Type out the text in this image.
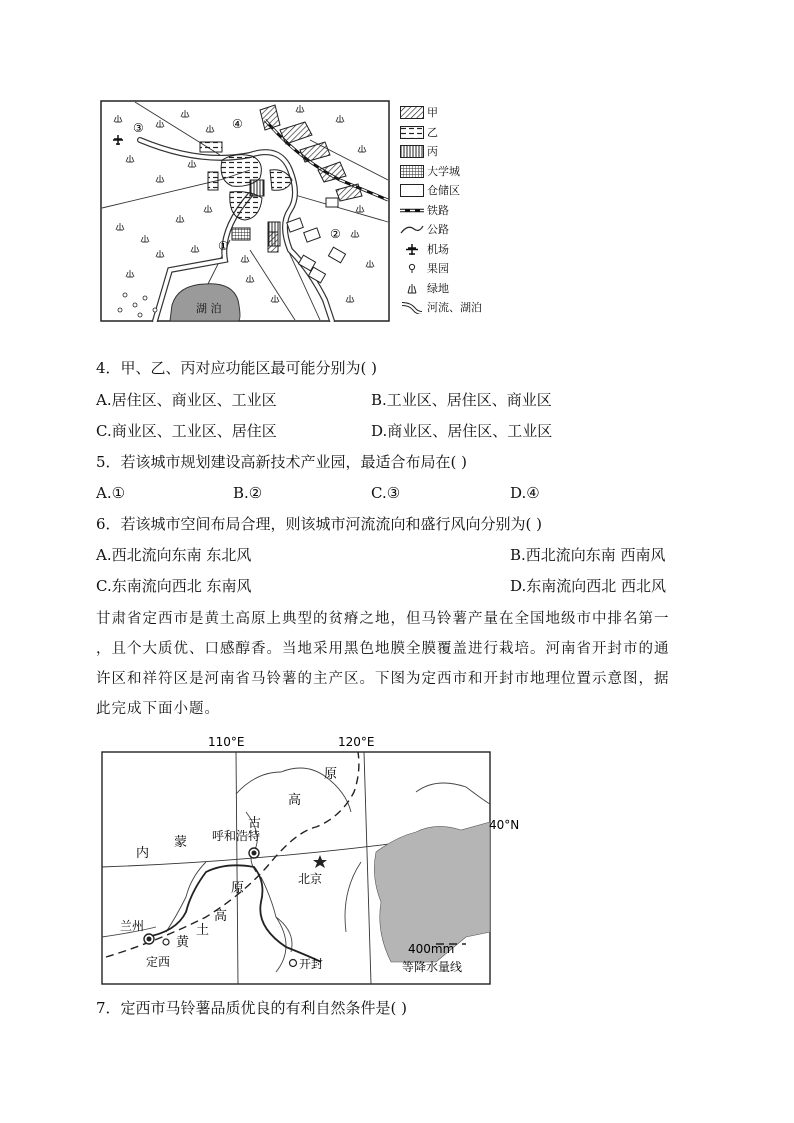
湖 泊
③	④
①
②
甲
乙
丙
大学城
仓储区
铁路
公路
机场
果园
绿地
河流、湖泊
4．甲、乙、丙对应功能区最可能分别为( )
A.居住区、商业区、工业区	B.工业区、居住区、商业区
C.商业区、工业区、居住区	D.商业区、居住区、工业区
5．若该城市规划建设高新技术产业园，最适合布局在( )
A.①	B.②	C.③	D.④
6．若该城市空间布局合理，则该城市河流流向和盛行风向分别为( )
A.西北流向东南 东北风	B.西北流向东南 西南风
C.东南流向西北 东南风	D.东南流向西北 西北风
甘肃省定西市是黄土高原上典型的贫瘠之地，但马铃薯产量在全国地级市中排名第一
，且个大质优、口感醇香。当地采用黑色地膜全膜覆盖进行栽培。河南省开封市的通
许区和祥符区是河南省马铃薯的主产区。下图为定西市和开封市地理位置示意图，据
此完成下面小题。
110°E	120°E
40°N
原
高
古
蒙
内
原
高
土
黄
呼和浩特
北京
兰州
定西	开封
400mm
等降水量线
7．定西市马铃薯品质优良的有利自然条件是( )
